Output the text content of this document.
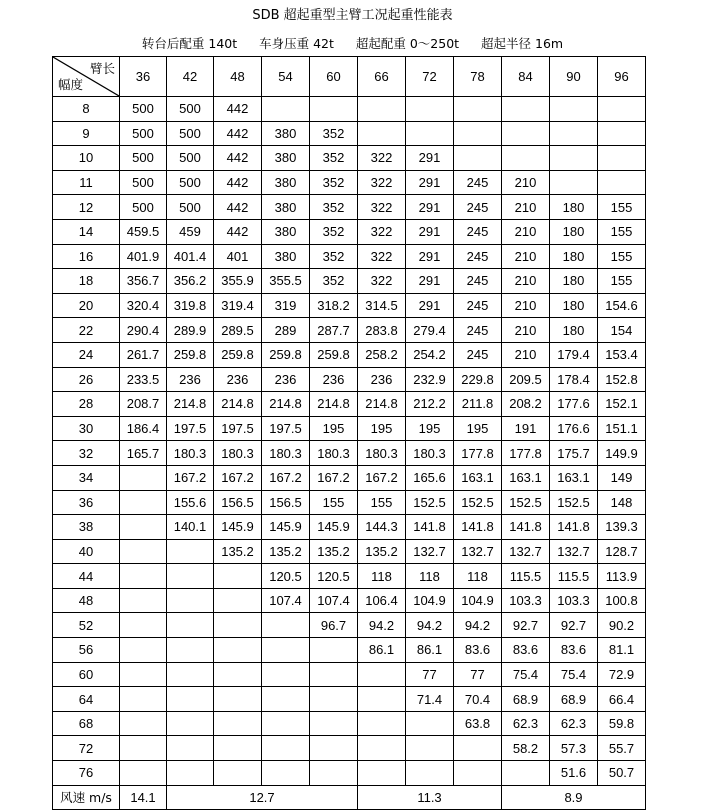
SDB 超起重型主臂工况起重性能表
转台后配重 140t 车身压重 42t 超起配重 0～250t 超起半径 16m
臂长
幅度	36	42	48	54	60	66	72	78	84	90	96
8	500	500	442								
9	500	500	442	380	352						
10	500	500	442	380	352	322	291				
11	500	500	442	380	352	322	291	245	210		
12	500	500	442	380	352	322	291	245	210	180	155
14	459.5	459	442	380	352	322	291	245	210	180	155
16	401.9	401.4	401	380	352	322	291	245	210	180	155
18	356.7	356.2	355.9	355.5	352	322	291	245	210	180	155
20	320.4	319.8	319.4	319	318.2	314.5	291	245	210	180	154.6
22	290.4	289.9	289.5	289	287.7	283.8	279.4	245	210	180	154
24	261.7	259.8	259.8	259.8	259.8	258.2	254.2	245	210	179.4	153.4
26	233.5	236	236	236	236	236	232.9	229.8	209.5	178.4	152.8
28	208.7	214.8	214.8	214.8	214.8	214.8	212.2	211.8	208.2	177.6	152.1
30	186.4	197.5	197.5	197.5	195	195	195	195	191	176.6	151.1
32	165.7	180.3	180.3	180.3	180.3	180.3	180.3	177.8	177.8	175.7	149.9
34		167.2	167.2	167.2	167.2	167.2	165.6	163.1	163.1	163.1	149
36		155.6	156.5	156.5	155	155	152.5	152.5	152.5	152.5	148
38		140.1	145.9	145.9	145.9	144.3	141.8	141.8	141.8	141.8	139.3
40			135.2	135.2	135.2	135.2	132.7	132.7	132.7	132.7	128.7
44				120.5	120.5	118	118	118	115.5	115.5	113.9
48				107.4	107.4	106.4	104.9	104.9	103.3	103.3	100.8
52					96.7	94.2	94.2	94.2	92.7	92.7	90.2
56						86.1	86.1	83.6	83.6	83.6	81.1
60							77	77	75.4	75.4	72.9
64							71.4	70.4	68.9	68.9	66.4
68								63.8	62.3	62.3	59.8
72									58.2	57.3	55.7
76										51.6	50.7
风速 m/s	14.1	12.7				11.3			8.9		
